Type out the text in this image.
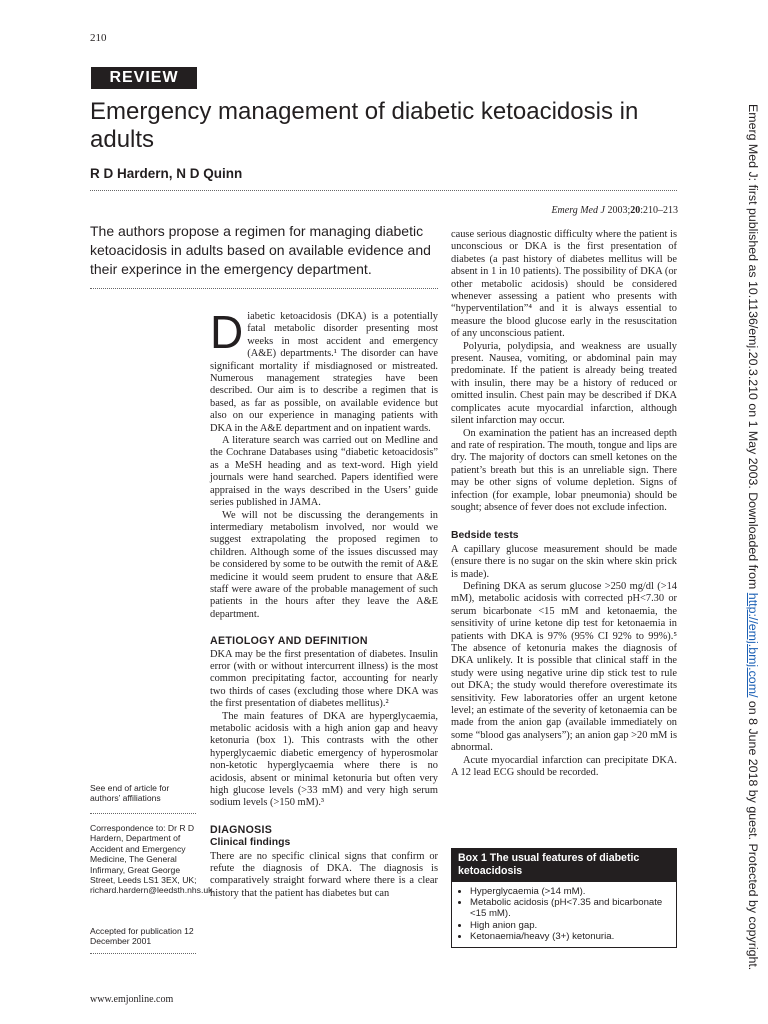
210
REVIEW
Emergency management of diabetic ketoacidosis in adults
R D Hardern, N D Quinn
Emerg Med J 2003;20:210–213
The authors propose a regimen for managing diabetic ketoacidosis in adults based on available evidence and their experince in the emergency department.

Diabetic ketoacidosis (DKA) is a potentially fatal metabolic disorder presenting most weeks in most accident and emergency (A&E) departments.¹ The disorder can have significant mortality if misdiagnosed or mistreated. Numerous management strategies have been described. Our aim is to describe a regimen that is based, as far as possible, on available evidence but also on our experience in managing patients with DKA in the A&E department and on inpatient wards.

A literature search was carried out on Medline and the Cochrane Databases using “diabetic ketoacidosis” as a MeSH heading and as text-word. High yield journals were hand searched. Papers identified were appraised in the ways described in the Users’ guide series published in JAMA.

We will not be discussing the derangements in intermediary metabolism involved, nor would we suggest extrapolating the proposed regimen to children. Although some of the issues discussed may be considered by some to be outwith the remit of A&E medicine it would seem prudent to ensure that A&E staff were aware of the probable management of such patients in the hours after they leave the A&E department.

AETIOLOGY AND DEFINITION

DKA may be the first presentation of diabetes. Insulin error (with or without intercurrent illness) is the most common precipitating factor, accounting for nearly two thirds of cases (excluding those where DKA was the first presentation of diabetes mellitus).²

The main features of DKA are hyperglycaemia, metabolic acidosis with a high anion gap and heavy ketonuria (box 1). This contrasts with the other hyperglycaemic diabetic emergency of hyperosmolar non-ketotic hyperglycaemia where there is no acidosis, absent or minimal ketonuria but often very high glucose levels (>33 mM) and very high serum sodium levels (>150 mM).³

DIAGNOSIS
Clinical findings

There are no specific clinical signs that confirm or refute the diagnosis of DKA. The diagnosis is comparatively straight forward where there is a clear history that the patient has diabetes but can

cause serious diagnostic difficulty where the patient is unconscious or DKA is the first presentation of diabetes (a past history of diabetes mellitus will be absent in 1 in 10 patients). The possibility of DKA (or other metabolic acidosis) should be considered whenever assessing a patient who presents with “hyperventilation”⁴ and it is always essential to measure the blood glucose early in the resuscitation of any unconscious patient.

Polyuria, polydipsia, and weakness are usually present. Nausea, vomiting, or abdominal pain may predominate. If the patient is already being treated with insulin, there may be a history of reduced or omitted insulin. Chest pain may be described if DKA complicates acute myocardial infarction, although silent infarction may occur.

On examination the patient has an increased depth and rate of respiration. The mouth, tongue and lips are dry. The majority of doctors can smell ketones on the patient’s breath but this is an unreliable sign. There may be other signs of volume depletion. Signs of infection (for example, lobar pneumonia) should be sought; absence of fever does not exclude infection.

Bedside tests

A capillary glucose measurement should be made (ensure there is no sugar on the skin where skin prick is made).

Defining DKA as serum glucose >250 mg/dl (>14 mM), metabolic acidosis with corrected pH<7.30 or serum bicarbonate <15 mM and ketonaemia, the sensitivity of urine ketone dip test for ketonaemia in patients with DKA is 97% (95% CI 92% to 99%).⁵ The absence of ketonuria makes the diagnosis of DKA unlikely. It is possible that clinical staff in the study were using negative urine dip stick test to rule out DKA; the study would therefore overestimate its sensitivity. Few laboratories offer an urgent ketone level; an estimate of the severity of ketonaemia can be made from the anion gap (available immediately on some “blood gas analysers”); an anion gap >20 mM is abnormal.

Acute myocardial infarction can precipitate DKA. A 12 lead ECG should be recorded.

See end of article for authors’ affiliations
Correspondence to: Dr R D Hardern, Department of Accident and Emergency Medicine, The General Infirmary, Great George Street, Leeds LS1 3EX, UK; richard.hardern@leedsth.nhs.uk
Accepted for publication 12 December 2001
Box 1 The usual features of diabetic ketoacidosis
• Hyperglycaemia (>14 mM).
• Metabolic acidosis (pH<7.35 and bicarbonate <15 mM).
• High anion gap.
• Ketonaemia/heavy (3+) ketonuria.
www.emjonline.com
Emerg Med J: first published as 10.1136/emj.20.3.210 on 1 May 2003. Downloaded from http://emj.bmj.com/ on 8 June 2018 by guest. Protected by copyright.
